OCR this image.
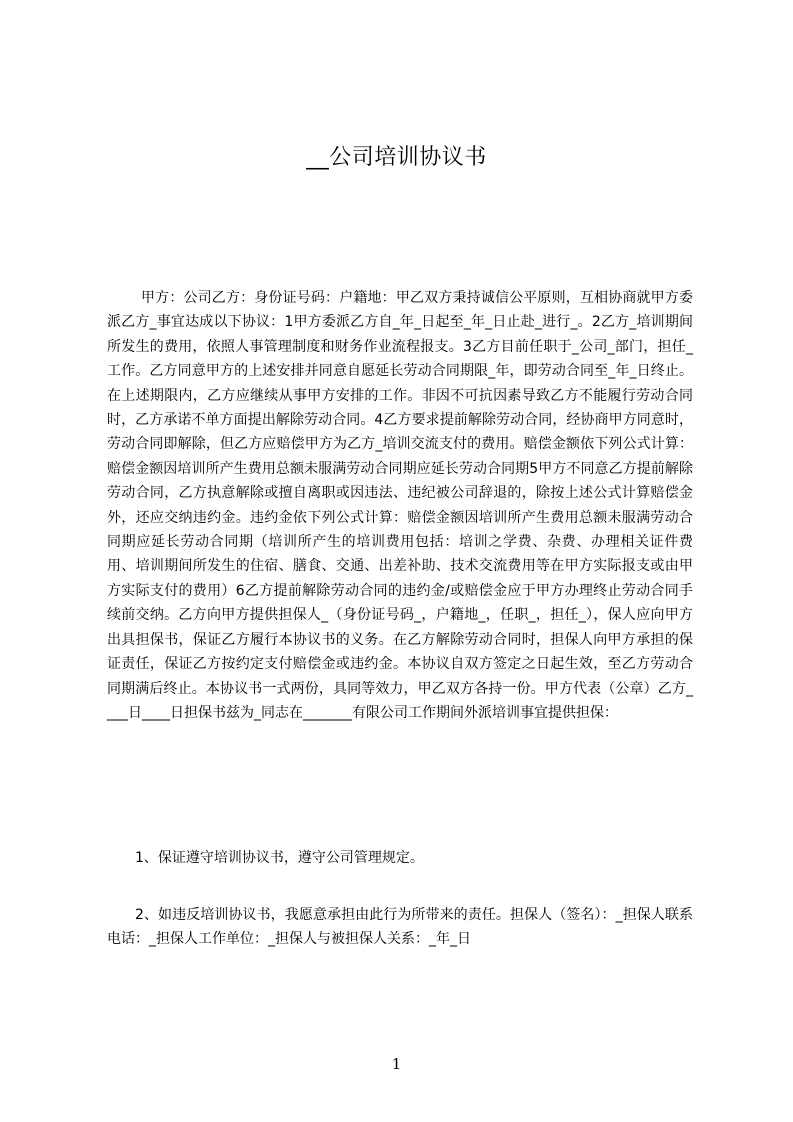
__公司培训协议书

甲方：公司乙方：身份证号码：户籍地：甲乙双方秉持诚信公平原则，互相协商就甲方委派乙方_事宜达成以下协议：1甲方委派乙方自_年_日起至_年_日止赴_进行_。2乙方_培训期间所发生的费用，依照人事管理制度和财务作业流程报支。3乙方目前任职于_公司_部门，担任_工作。乙方同意甲方的上述安排并同意自愿延长劳动合同期限_年，即劳动合同至_年_日终止。在上述期限内，乙方应继续从事甲方安排的工作。非因不可抗因素导致乙方不能履行劳动合同时，乙方承诺不单方面提出解除劳动合同。4乙方要求提前解除劳动合同，经协商甲方同意时，劳动合同即解除，但乙方应赔偿甲方为乙方_培训交流支付的费用。赔偿金额依下列公式计算：赔偿金额因培训所产生费用总额未服满劳动合同期应延长劳动合同期5甲方不同意乙方提前解除劳动合同，乙方执意解除或擅自离职或因违法、违纪被公司辞退的，除按上述公式计算赔偿金外，还应交纳违约金。违约金依下列公式计算：赔偿金额因培训所产生费用总额未服满劳动合同期应延长劳动合同期（培训所产生的培训费用包括：培训之学费、杂费、办理相关证件费用、培训期间所发生的住宿、膳食、交通、出差补助、技术交流费用等在甲方实际报支或由甲方实际支付的费用）6乙方提前解除劳动合同的违约金/或赔偿金应于甲方办理终止劳动合同手续前交纳。乙方向甲方提供担保人_（身份证号码_，户籍地_，任职_，担任_），保人应向甲方出具担保书，保证乙方履行本协议书的义务。在乙方解除劳动合同时，担保人向甲方承担的保证责任，保证乙方按约定支付赔偿金或违约金。本协议自双方签定之日起生效，至乙方劳动合同期满后终止。本协议书一式两份，具同等效力，甲乙双方各持一份。甲方代表（公章）乙方____日____日担保书兹为_同志在_______有限公司工作期间外派培训事宜提供担保：

1、保证遵守培训协议书，遵守公司管理规定。

2、如违反培训协议书，我愿意承担由此行为所带来的责任。担保人（签名）：_担保人联系电话：_担保人工作单位：_担保人与被担保人关系：_年_日

1
